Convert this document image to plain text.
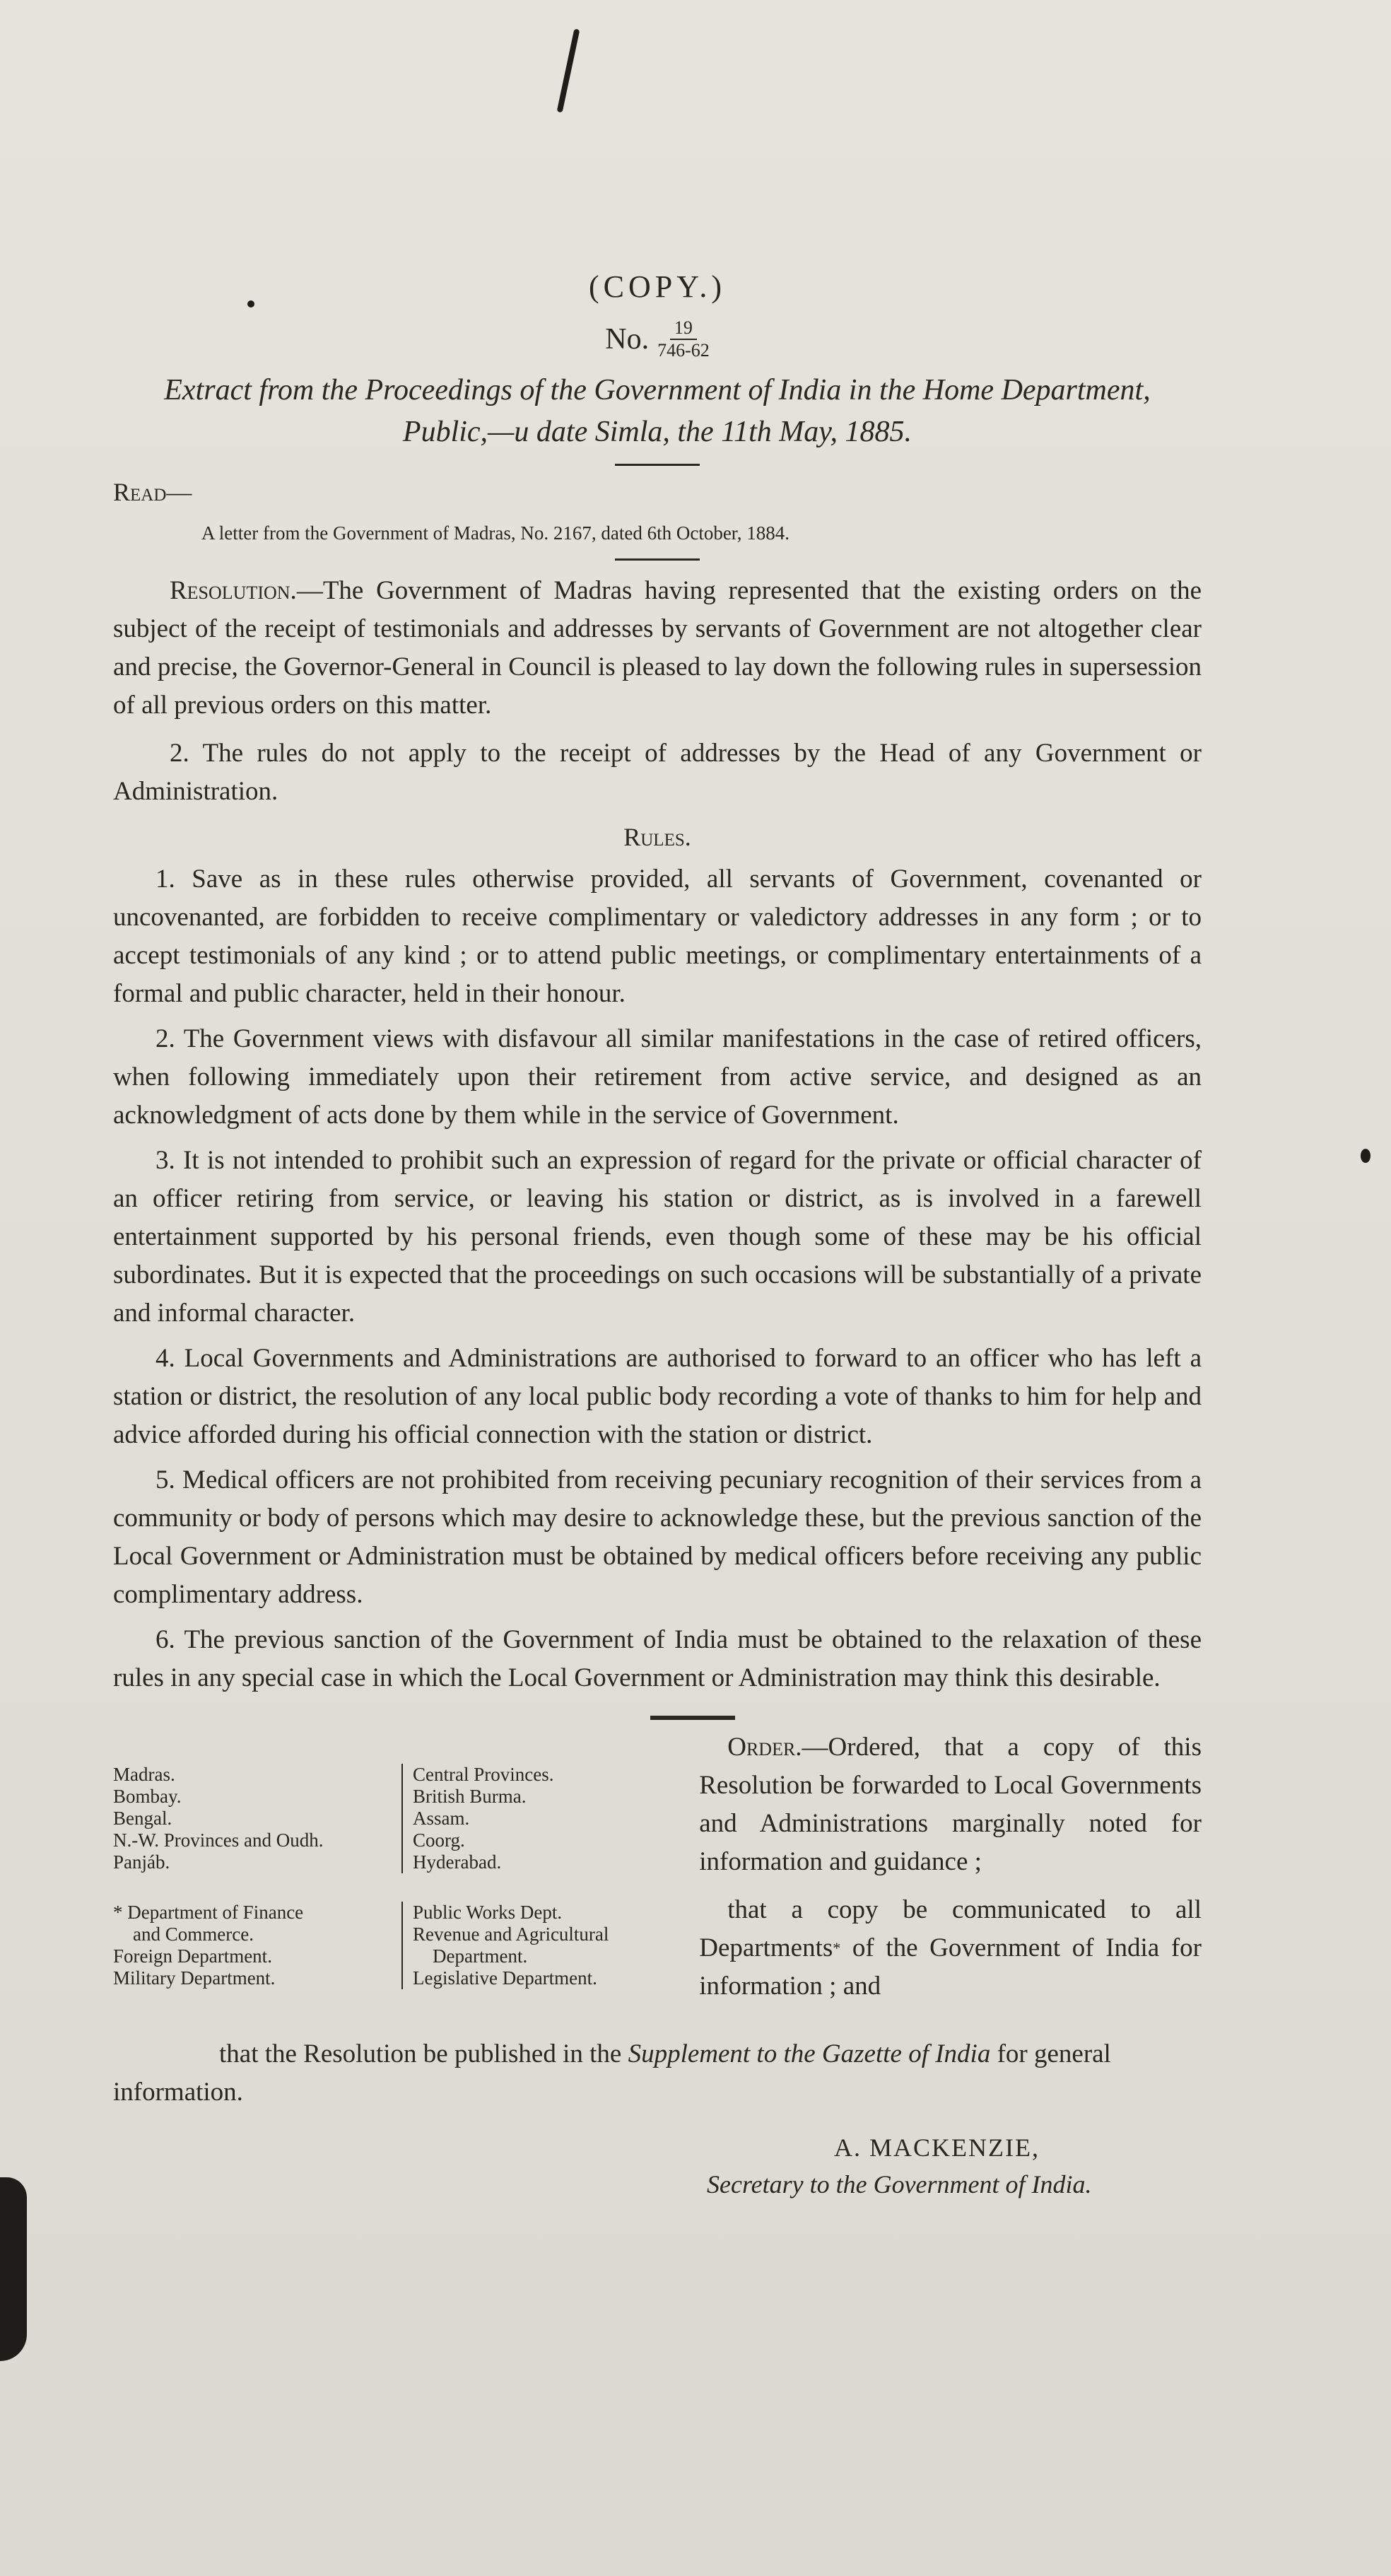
(COPY.)
No. $\frac{19}{746-62}$
Extract from the Proceedings of the Government of India in the Home Department,
Public,—u date Simla, the 11th May, 1885.
Read—
A letter from the Government of Madras, No. 2167, dated 6th October, 1884.

Resolution.—The Government of Madras having represented that the existing orders on the subject of the receipt of testimonials and addresses by servants of Government are not altogether clear and precise, the Governor-General in Council is pleased to lay down the following rules in supersession of all previous orders on this matter.

2. The rules do not apply to the receipt of addresses by the Head of any Government or Administration.

Rules.

1. Save as in these rules otherwise provided, all servants of Government, covenanted or uncovenanted, are forbidden to receive complimentary or valedictory addresses in any form ; or to accept testimonials of any kind ; or to attend public meetings, or complimentary entertainments of a formal and public character, held in their honour.

2. The Government views with disfavour all similar manifestations in the case of retired officers, when following immediately upon their retirement from active service, and designed as an acknowledgment of acts done by them while in the service of Government.

3. It is not intended to prohibit such an expression of regard for the private or official character of an officer retiring from service, or leaving his station or district, as is involved in a farewell entertainment supported by his personal friends, even though some of these may be his official subordinates. But it is expected that the proceedings on such occasions will be substantially of a private and informal character.

4. Local Governments and Administrations are authorised to forward to an officer who has left a station or district, the resolution of any local public body recording a vote of thanks to him for help and advice afforded during his official connection with the station or district.

5. Medical officers are not prohibited from receiving pecuniary recognition of their services from a community or body of persons which may desire to acknowledge these, but the previous sanction of the Local Government or Administration must be obtained by medical officers before receiving any public complimentary address.

6. The previous sanction of the Government of India must be obtained to the relaxation of these rules in any special case in which the Local Government or Administration may think this desirable.

Madras.
Bombay.
Bengal.
N.-W. Provinces and Oudh.
Panjáb.
Central Provinces.
British Burma.
Assam.
Coorg.
Hyderabad.
* Department of Finance
and Commerce.
Foreign Department.
Military Department.
Public Works Dept.
Revenue and Agricultural
Department.
Legislative Department.

Order.—Ordered, that a copy of this Resolution be forwarded to Local Governments and Administrations marginally noted for information and guidance ;

that a copy be communicated to all Departments* of the Government of India for information ; and

that the Resolution be published in the Supplement to the Gazette of India for general information.
A. MACKENZIE,
Secretary to the Government of India.
